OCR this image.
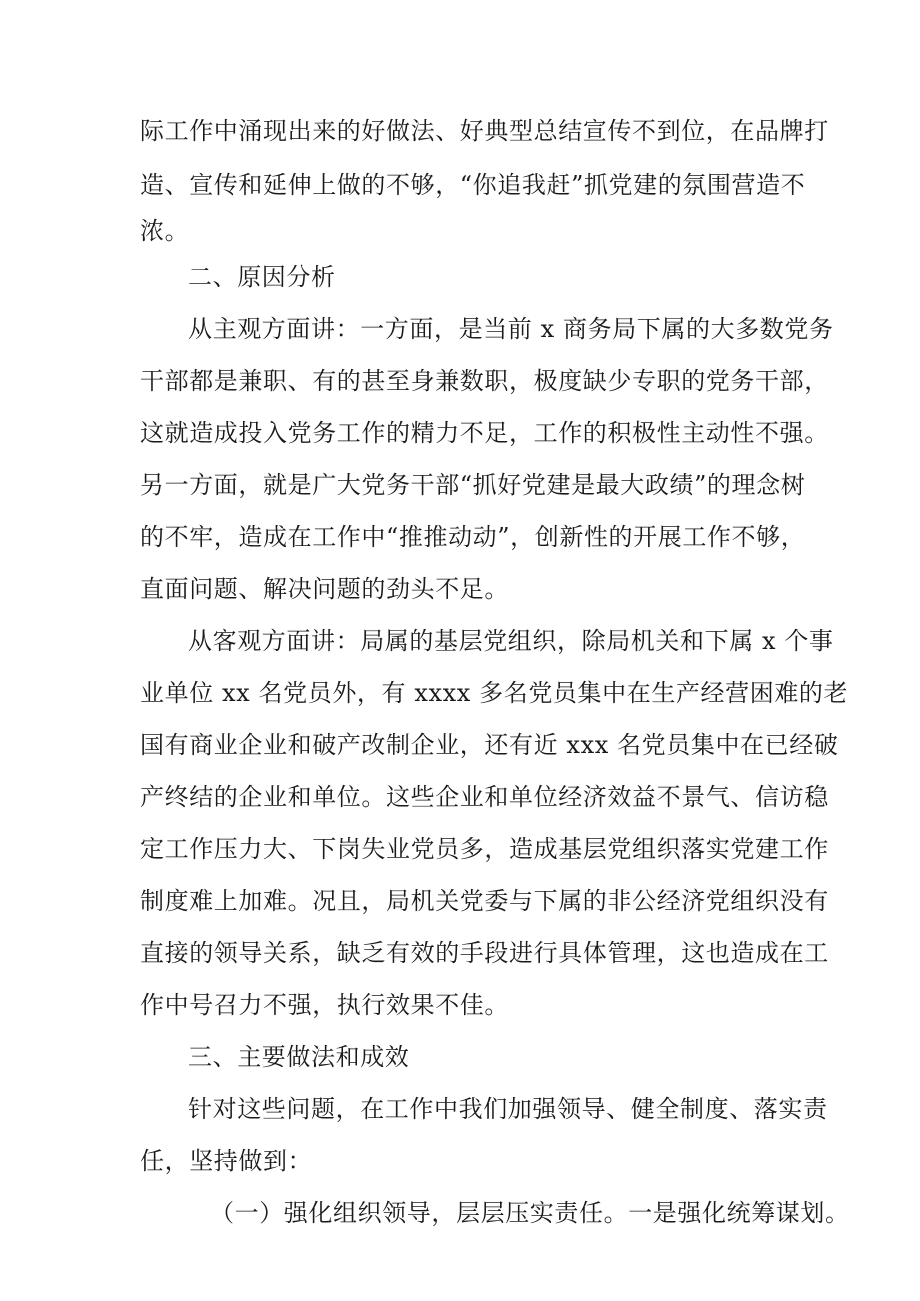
际工作中涌现出来的好做法、好典型总结宣传不到位，在品牌打
造、宣传和延伸上做的不够，“你追我赶”抓党建的氛围营造不
浓。
二、原因分析
从主观方面讲：一方面，是当前 x 商务局下属的大多数党务
干部都是兼职、有的甚至身兼数职，极度缺少专职的党务干部，
这就造成投入党务工作的精力不足，工作的积极性主动性不强。
另一方面，就是广大党务干部“抓好党建是最大政绩”的理念树
的不牢，造成在工作中“推推动动”，创新性的开展工作不够，
直面问题、解决问题的劲头不足。
从客观方面讲：局属的基层党组织，除局机关和下属 x 个事
业单位 xx 名党员外，有 xxxx 多名党员集中在生产经营困难的老
国有商业企业和破产改制企业，还有近 xxx 名党员集中在已经破
产终结的企业和单位。这些企业和单位经济效益不景气、信访稳
定工作压力大、下岗失业党员多，造成基层党组织落实党建工作
制度难上加难。况且，局机关党委与下属的非公经济党组织没有
直接的领导关系，缺乏有效的手段进行具体管理，这也造成在工
作中号召力不强，执行效果不佳。
三、主要做法和成效
针对这些问题，在工作中我们加强领导、健全制度、落实责
任，坚持做到：
（一）强化组织领导，层层压实责任。一是强化统筹谋划。
